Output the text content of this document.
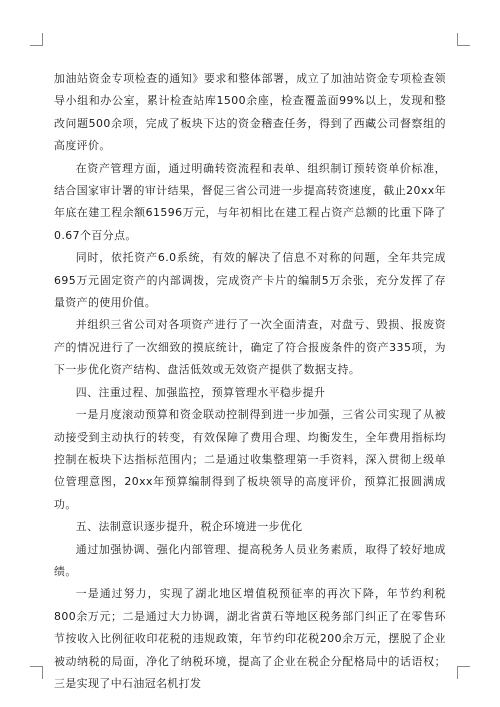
加油站资金专项检查的通知》要求和整体部署，成立了加油站资金专项检查领导小组和办公室，累计检查站库1500余座，检查覆盖面99%以上，发现和整改问题500余项，完成了板块下达的资金稽查任务，得到了西藏公司督察组的高度评价。

在资产管理方面，通过明确转资流程和表单、组织制订预转资单价标准，结合国家审计署的审计结果，督促三省公司进一步提高转资速度，截止20xx年年底在建工程余额61596万元，与年初相比在建工程占资产总额的比重下降了0.67个百分点。

同时，依托资产6.0系统，有效的解决了信息不对称的问题，全年共完成695万元固定资产的内部调拨，完成资产卡片的编制5万余张，充分发挥了存量资产的使用价值。

并组织三省公司对各项资产进行了一次全面清查，对盘亏、毁损、报废资产的情况进行了一次细致的摸底统计，确定了符合报废条件的资产335项，为下一步优化资产结构、盘活低效或无效资产提供了数据支持。

四、注重过程、加强监控，预算管理水平稳步提升

一是月度滚动预算和资金联动控制得到进一步加强，三省公司实现了从被动接受到主动执行的转变，有效保障了费用合理、均衡发生，全年费用指标均控制在板块下达指标范围内；二是通过收集整理第一手资料，深入贯彻上级单位管理意图，20xx年预算编制得到了板块领导的高度评价，预算汇报圆满成功。

五、法制意识逐步提升，税企环境进一步优化

通过加强协调、强化内部管理、提高税务人员业务素质，取得了较好地成绩。

一是通过努力，实现了湖北地区增值税预征率的再次下降，年节约利税800余万元；二是通过大力协调，湖北省黄石等地区税务部门纠正了在零售环节按收入比例征收印花税的违规政策，年节约印花税200余万元，摆脱了企业被动纳税的局面，净化了纳税环境，提高了企业在税企分配格局中的话语权；三是实现了中石油冠名机打发
